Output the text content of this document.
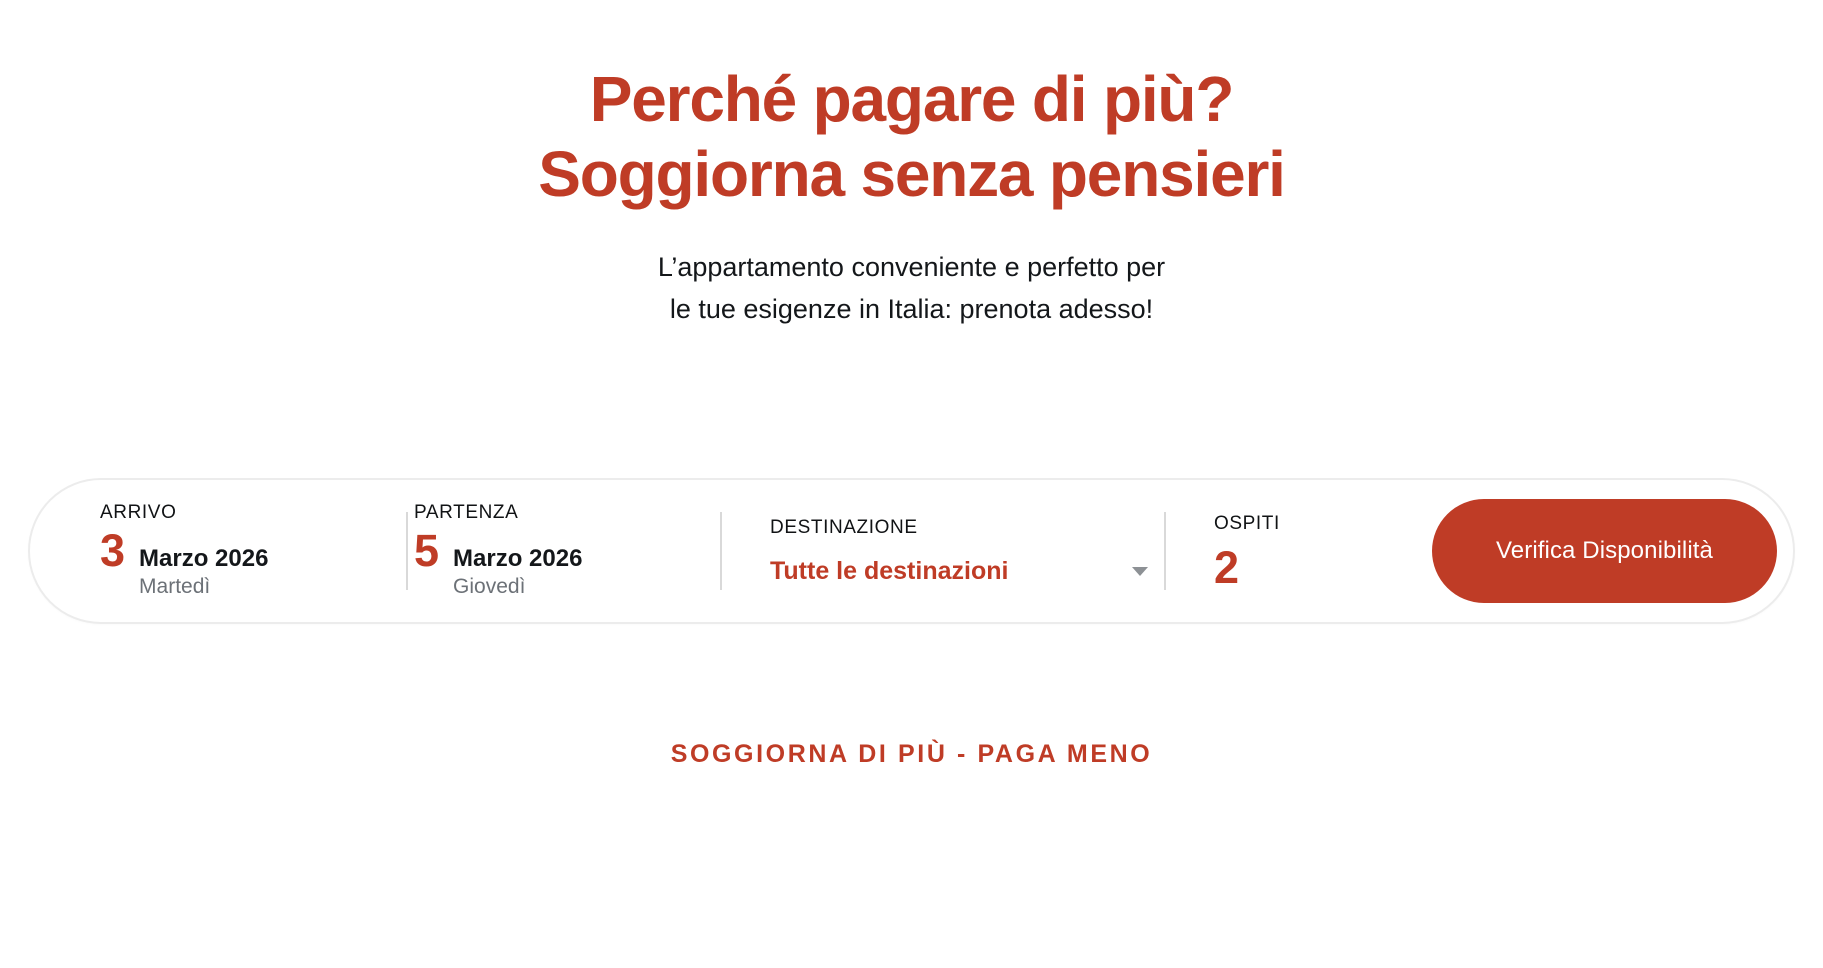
Perché pagare di più?
Soggiorna senza pensieri

L’appartamento conveniente e perfetto per
le tue esigenze in Italia: prenota adesso!

ARRIVO
3 Marzo 2026
Martedì
PARTENZA
5 Marzo 2026
Giovedì
DESTINAZIONE
Tutte le destinazioni
OSPITI
2	Verifica Disponibilità
SOGGIORNA DI PIÙ - PAGA MENO
